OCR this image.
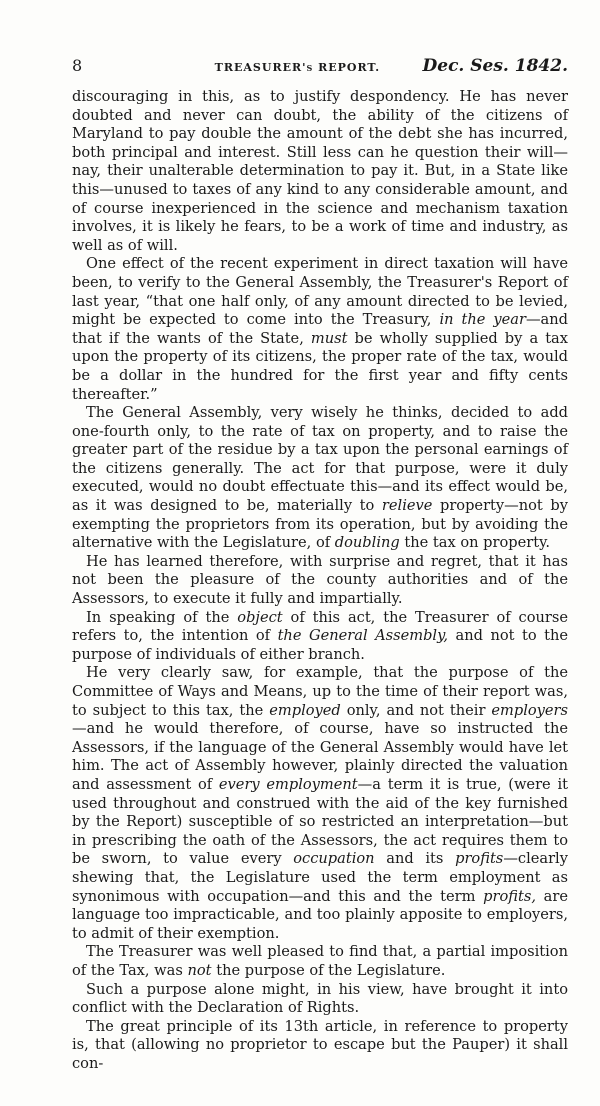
8	TREASURER's REPORT. Dec. Ses. 1842.

discouraging in this, as to justify despondency. He has never doubted and never can doubt, the ability of the citizens of Maryland to pay double the amount of the debt she has incurred, both principal and interest. Still less can he question their will—nay, their unalterable determination to pay it. But, in a State like this—unused to taxes of any kind to any considerable amount, and of course inexperienced in the science and mechanism taxation involves, it is likely he fears, to be a work of time and industry, as well as of will.

One effect of the recent experiment in direct taxation will have been, to verify to the General Assembly, the Treasurer's Report of last year, “that one half only, of any amount directed to be levied, might be expected to come into the Treasury, in the year—and that if the wants of the State, must be wholly supplied by a tax upon the property of its citizens, the proper rate of the tax, would be a dollar in the hundred for the first year and fifty cents thereafter.”

The General Assembly, very wisely he thinks, decided to add one-fourth only, to the rate of tax on property, and to raise the greater part of the residue by a tax upon the personal earnings of the citizens generally. The act for that purpose, were it duly executed, would no doubt effectuate this—and its effect would be, as it was designed to be, materially to relieve property—not by exempting the proprietors from its operation, but by avoiding the alternative with the Legislature, of doubling the tax on property.

He has learned therefore, with surprise and regret, that it has not been the pleasure of the county authorities and of the Assessors, to execute it fully and impartially.

In speaking of the object of this act, the Treasurer of course refers to, the intention of the General Assembly, and not to the purpose of individuals of either branch.

He very clearly saw, for example, that the purpose of the Committee of Ways and Means, up to the time of their report was, to subject to this tax, the employed only, and not their employers—and he would therefore, of course, have so instructed the Assessors, if the language of the General Assembly would have let him. The act of Assembly however, plainly directed the valuation and assessment of every employment—a term it is true, (were it used throughout and construed with the aid of the key furnished by the Report) susceptible of so restricted an interpretation—but in prescribing the oath of the Assessors, the act requires them to be sworn, to value every occupation and its profits—clearly shewing that, the Legislature used the term employment as synonimous with occupation—and this and the term profits, are language too impracticable, and too plainly apposite to employers, to admit of their exemption.

The Treasurer was well pleased to find that, a partial imposition of the Tax, was not the purpose of the Legislature.

Such a purpose alone might, in his view, have brought it into conflict with the Declaration of Rights.

The great principle of its 13th article, in reference to property is, that (allowing no proprietor to escape but the Pauper) it shall con-
